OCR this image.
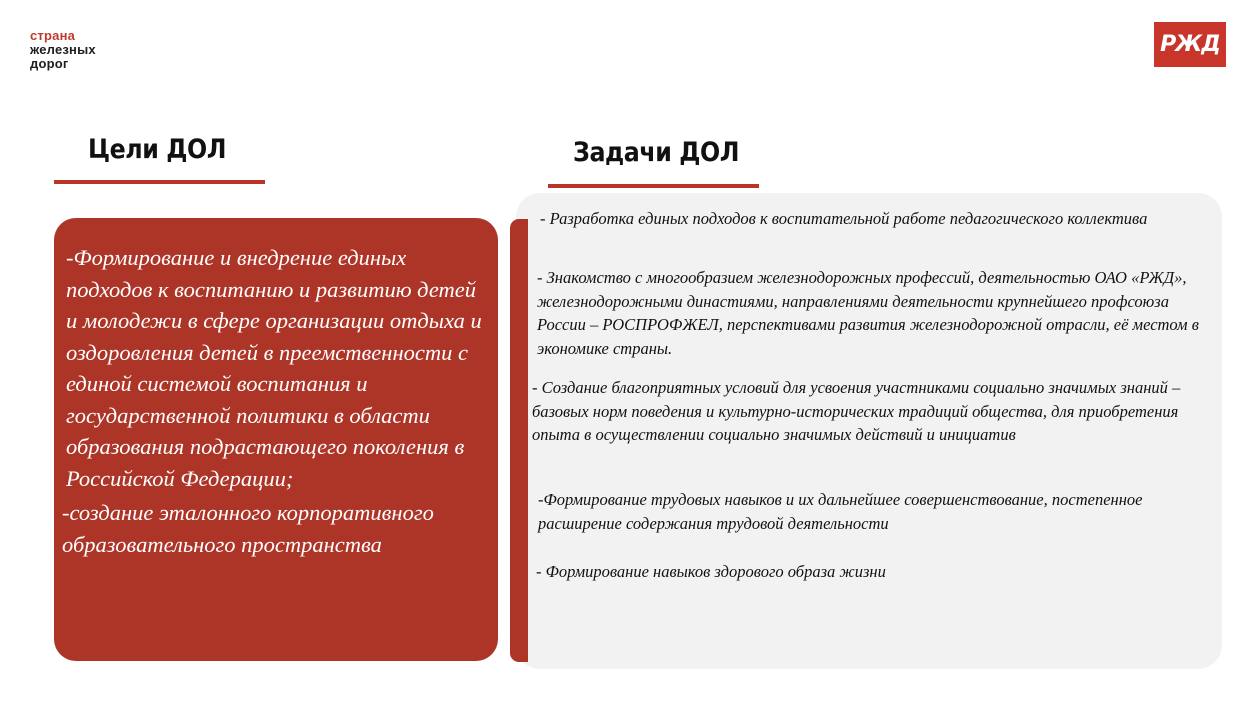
страна
железных
дорог
РЖД
Цели ДОЛ	Задачи ДОЛ

-Формирование и внедрение единых подходов к воспитанию и развитию детей и молодежи в сфере организации отдыха и оздоровления детей в преемственности с единой системой воспитания и государственной политики в области образования подрастающего поколения в Российской Федерации;

-создание эталонного корпоративного образовательного пространства

- Разработка единых подходов к воспитательной работе педагогического коллектива

- Знакомство с многообразием железнодорожных профессий, деятельностью ОАО «РЖД», железнодорожными династиями, направлениями деятельности крупнейшего профсоюза России – РОСПРОФЖЕЛ, перспективами развития железнодорожной отрасли, её местом в экономике страны.

- Создание благоприятных условий для усвоения участниками социально значимых знаний – базовых норм поведения и культурно-исторических традиций общества, для приобретения опыта в осуществлении социально значимых действий и инициатив

-Формирование трудовых навыков и их дальнейшее совершенствование, постепенное расширение содержания трудовой деятельности

- Формирование навыков здорового образа жизни
